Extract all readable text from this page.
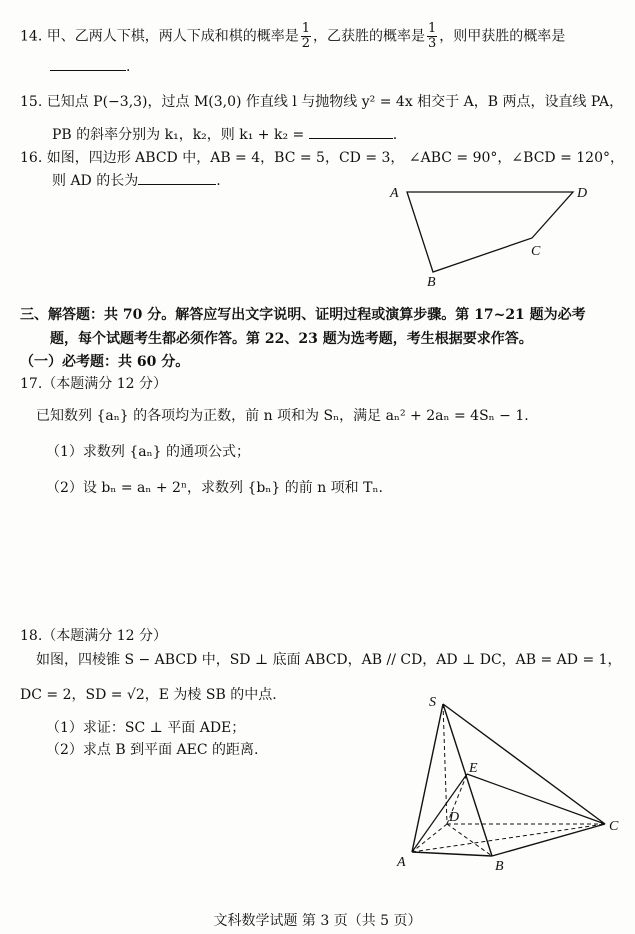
14. 甲、乙两人下棋，两人下成和棋的概率是 $\frac{1}{2}$ ，乙获胜的概率是 $\frac{1}{3}$ ，则甲获胜的概率是
.
15. 已知点 P(−3,3)，过点 M(3,0) 作直线 l 与抛物线 y² = 4x 相交于 A，B 两点，设直线 PA，
PB 的斜率分别为 k₁，k₂，则 k₁ + k₂ =	.
16. 如图，四边形 ABCD 中，AB = 4，BC = 5，CD = 3， ∠ABC = 90°，∠BCD = 120°，
则 AD 的长为	.
A	D
C
B
三、解答题：共 70 分。解答应写出文字说明、证明过程或演算步骤。第 17~21 题为必考
题，每个试题考生都必须作答。第 22、23 题为选考题，考生根据要求作答。
（一）必考题：共 60 分。
17.（本题满分 12 分）
已知数列 {aₙ} 的各项均为正数，前 n 项和为 Sₙ，满足 aₙ² + 2aₙ = 4Sₙ − 1.
（1）求数列 {aₙ} 的通项公式；
（2）设 bₙ = aₙ + 2ⁿ，求数列 {bₙ} 的前 n 项和 Tₙ.
18.（本题满分 12 分）
如图，四棱锥 S − ABCD 中，SD ⊥ 底面 ABCD，AB // CD，AD ⊥ DC，AB = AD = 1，
DC = 2，SD = √2，E 为棱 SB 的中点.
（1）求证：SC ⊥ 平面 ADE；
（2）求点 B 到平面 AEC 的距离.
S
E
D
A	B
C
文科数学试题 第 3 页（共 5 页）
